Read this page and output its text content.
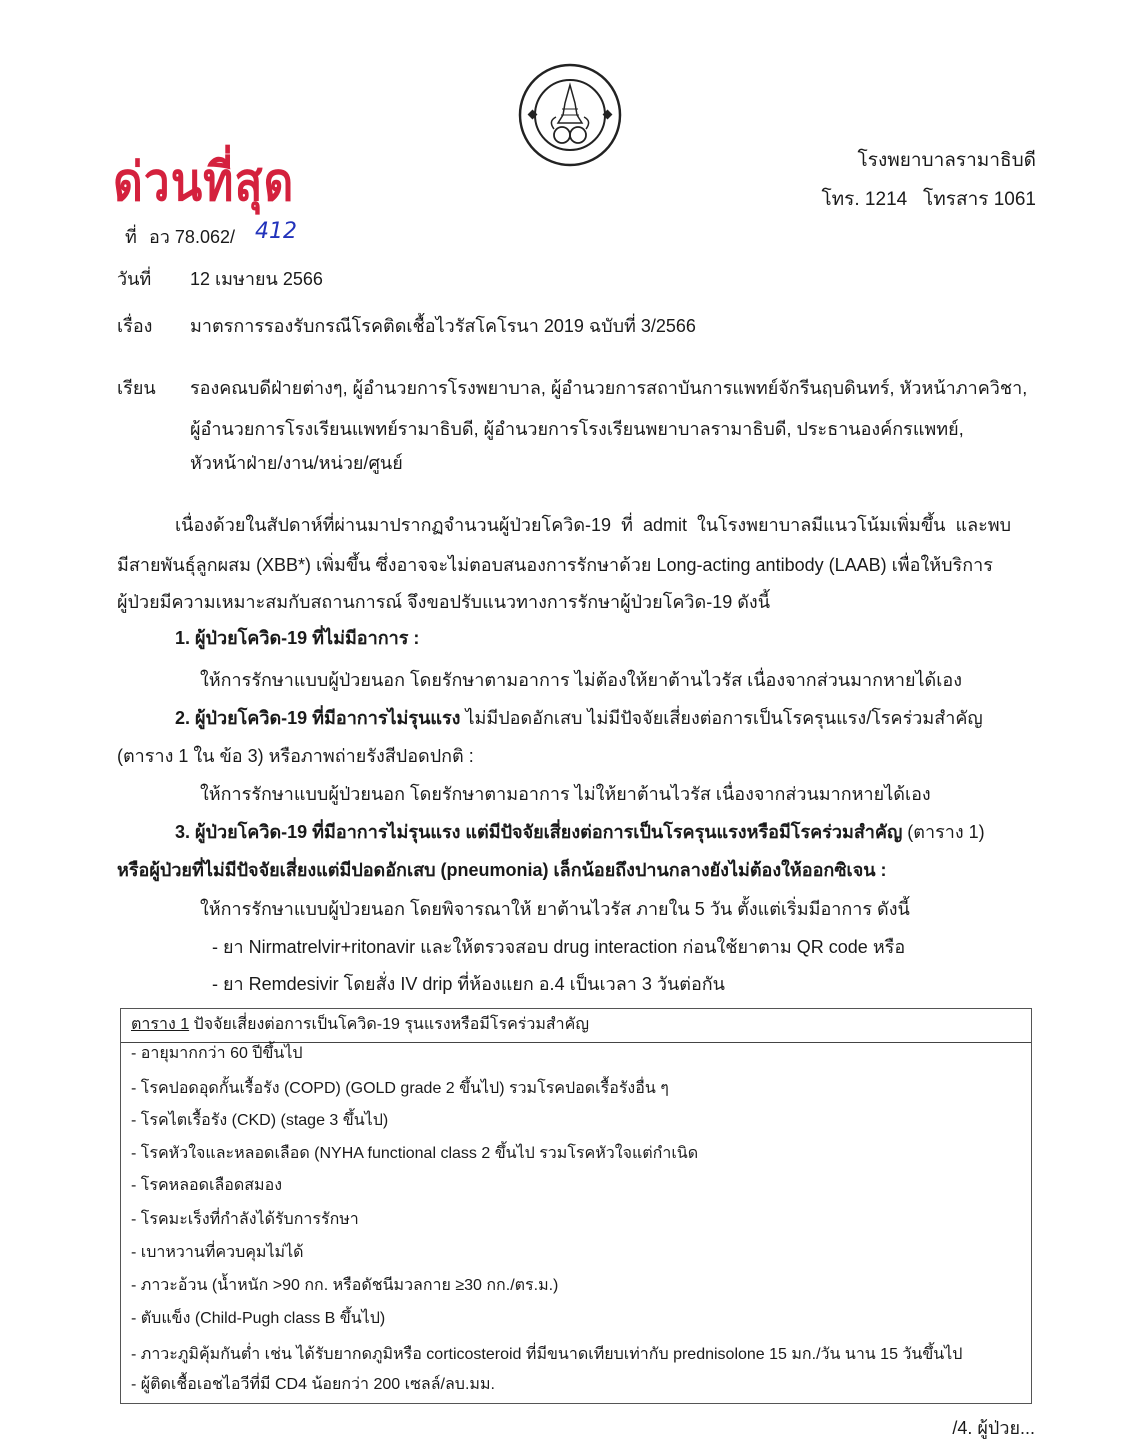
ด่วนที่สุด	โรงพยาบาลรามาธิบดี
โทร. 1214   โทรสาร 1061
ที่ อว 78.062/ 412
วันที่ 12 เมษายน 2566
เรื่อง มาตรการรองรับกรณีโรคติดเชื้อไวรัสโคโรนา 2019 ฉบับที่ 3/2566
เรียน รองคณบดีฝ่ายต่างๆ, ผู้อำนวยการโรงพยาบาล, ผู้อำนวยการสถาบันการแพทย์จักรีนฤบดินทร์, หัวหน้าภาควิชา,
ผู้อำนวยการโรงเรียนแพทย์รามาธิบดี, ผู้อำนวยการโรงเรียนพยาบาลรามาธิบดี, ประธานองค์กรแพทย์,
หัวหน้าฝ่าย/งาน/หน่วย/ศูนย์
เนื่องด้วยในสัปดาห์ที่ผ่านมาปรากฏจำนวนผู้ป่วยโควิด-19  ที่  admit  ในโรงพยาบาลมีแนวโน้มเพิ่มขึ้น  และพบ
มีสายพันธุ์ลูกผสม (XBB*) เพิ่มขึ้น ซึ่งอาจจะไม่ตอบสนองการรักษาด้วย Long-acting antibody (LAAB) เพื่อให้บริการ
ผู้ป่วยมีความเหมาะสมกับสถานการณ์ จึงขอปรับแนวทางการรักษาผู้ป่วยโควิด-19 ดังนี้
1. ผู้ป่วยโควิด-19 ที่ไม่มีอาการ :
ให้การรักษาแบบผู้ป่วยนอก โดยรักษาตามอาการ ไม่ต้องให้ยาต้านไวรัส เนื่องจากส่วนมากหายได้เอง
2. ผู้ป่วยโควิด-19 ที่มีอาการไม่รุนแรง ไม่มีปอดอักเสบ ไม่มีปัจจัยเสี่ยงต่อการเป็นโรครุนแรง/โรคร่วมสำคัญ
(ตาราง 1 ใน ข้อ 3) หรือภาพถ่ายรังสีปอดปกติ :
ให้การรักษาแบบผู้ป่วยนอก โดยรักษาตามอาการ ไม่ให้ยาต้านไวรัส เนื่องจากส่วนมากหายได้เอง
3. ผู้ป่วยโควิด-19 ที่มีอาการไม่รุนแรง แต่มีปัจจัยเสี่ยงต่อการเป็นโรครุนแรงหรือมีโรคร่วมสำคัญ (ตาราง 1)
หรือผู้ป่วยที่ไม่มีปัจจัยเสี่ยงแต่มีปอดอักเสบ (pneumonia) เล็กน้อยถึงปานกลางยังไม่ต้องให้ออกซิเจน :
ให้การรักษาแบบผู้ป่วยนอก โดยพิจารณาให้ ยาต้านไวรัส ภายใน 5 วัน ตั้งแต่เริ่มมีอาการ ดังนี้
- ยา Nirmatrelvir+ritonavir และให้ตรวจสอบ drug interaction ก่อนใช้ยาตาม QR code หรือ
- ยา Remdesivir โดยสั่ง IV drip ที่ห้องแยก อ.4 เป็นเวลา 3 วันต่อกัน
ตาราง 1 ปัจจัยเสี่ยงต่อการเป็นโควิด-19 รุนแรงหรือมีโรคร่วมสำคัญ
- อายุมากกว่า 60 ปีขึ้นไป
- โรคปอดอุดกั้นเรื้อรัง (COPD) (GOLD grade 2 ขึ้นไป) รวมโรคปอดเรื้อรังอื่น ๆ
- โรคไตเรื้อรัง (CKD) (stage 3 ขึ้นไป)
- โรคหัวใจและหลอดเลือด (NYHA functional class 2 ขึ้นไป รวมโรคหัวใจแต่กำเนิด
- โรคหลอดเลือดสมอง
- โรคมะเร็งที่กำลังได้รับการรักษา
- เบาหวานที่ควบคุมไม่ได้
- ภาวะอ้วน (น้ำหนัก >90 กก. หรือดัชนีมวลกาย ≥30 กก./ตร.ม.)
- ตับแข็ง (Child-Pugh class B ขึ้นไป)
- ภาวะภูมิคุ้มกันต่ำ เช่น ได้รับยากดภูมิหรือ corticosteroid ที่มีขนาดเทียบเท่ากับ prednisolone 15 มก./วัน นาน 15 วันขึ้นไป
- ผู้ติดเชื้อเอชไอวีที่มี CD4 น้อยกว่า 200 เซลล์/ลบ.มม.
/4. ผู้ป่วย...
